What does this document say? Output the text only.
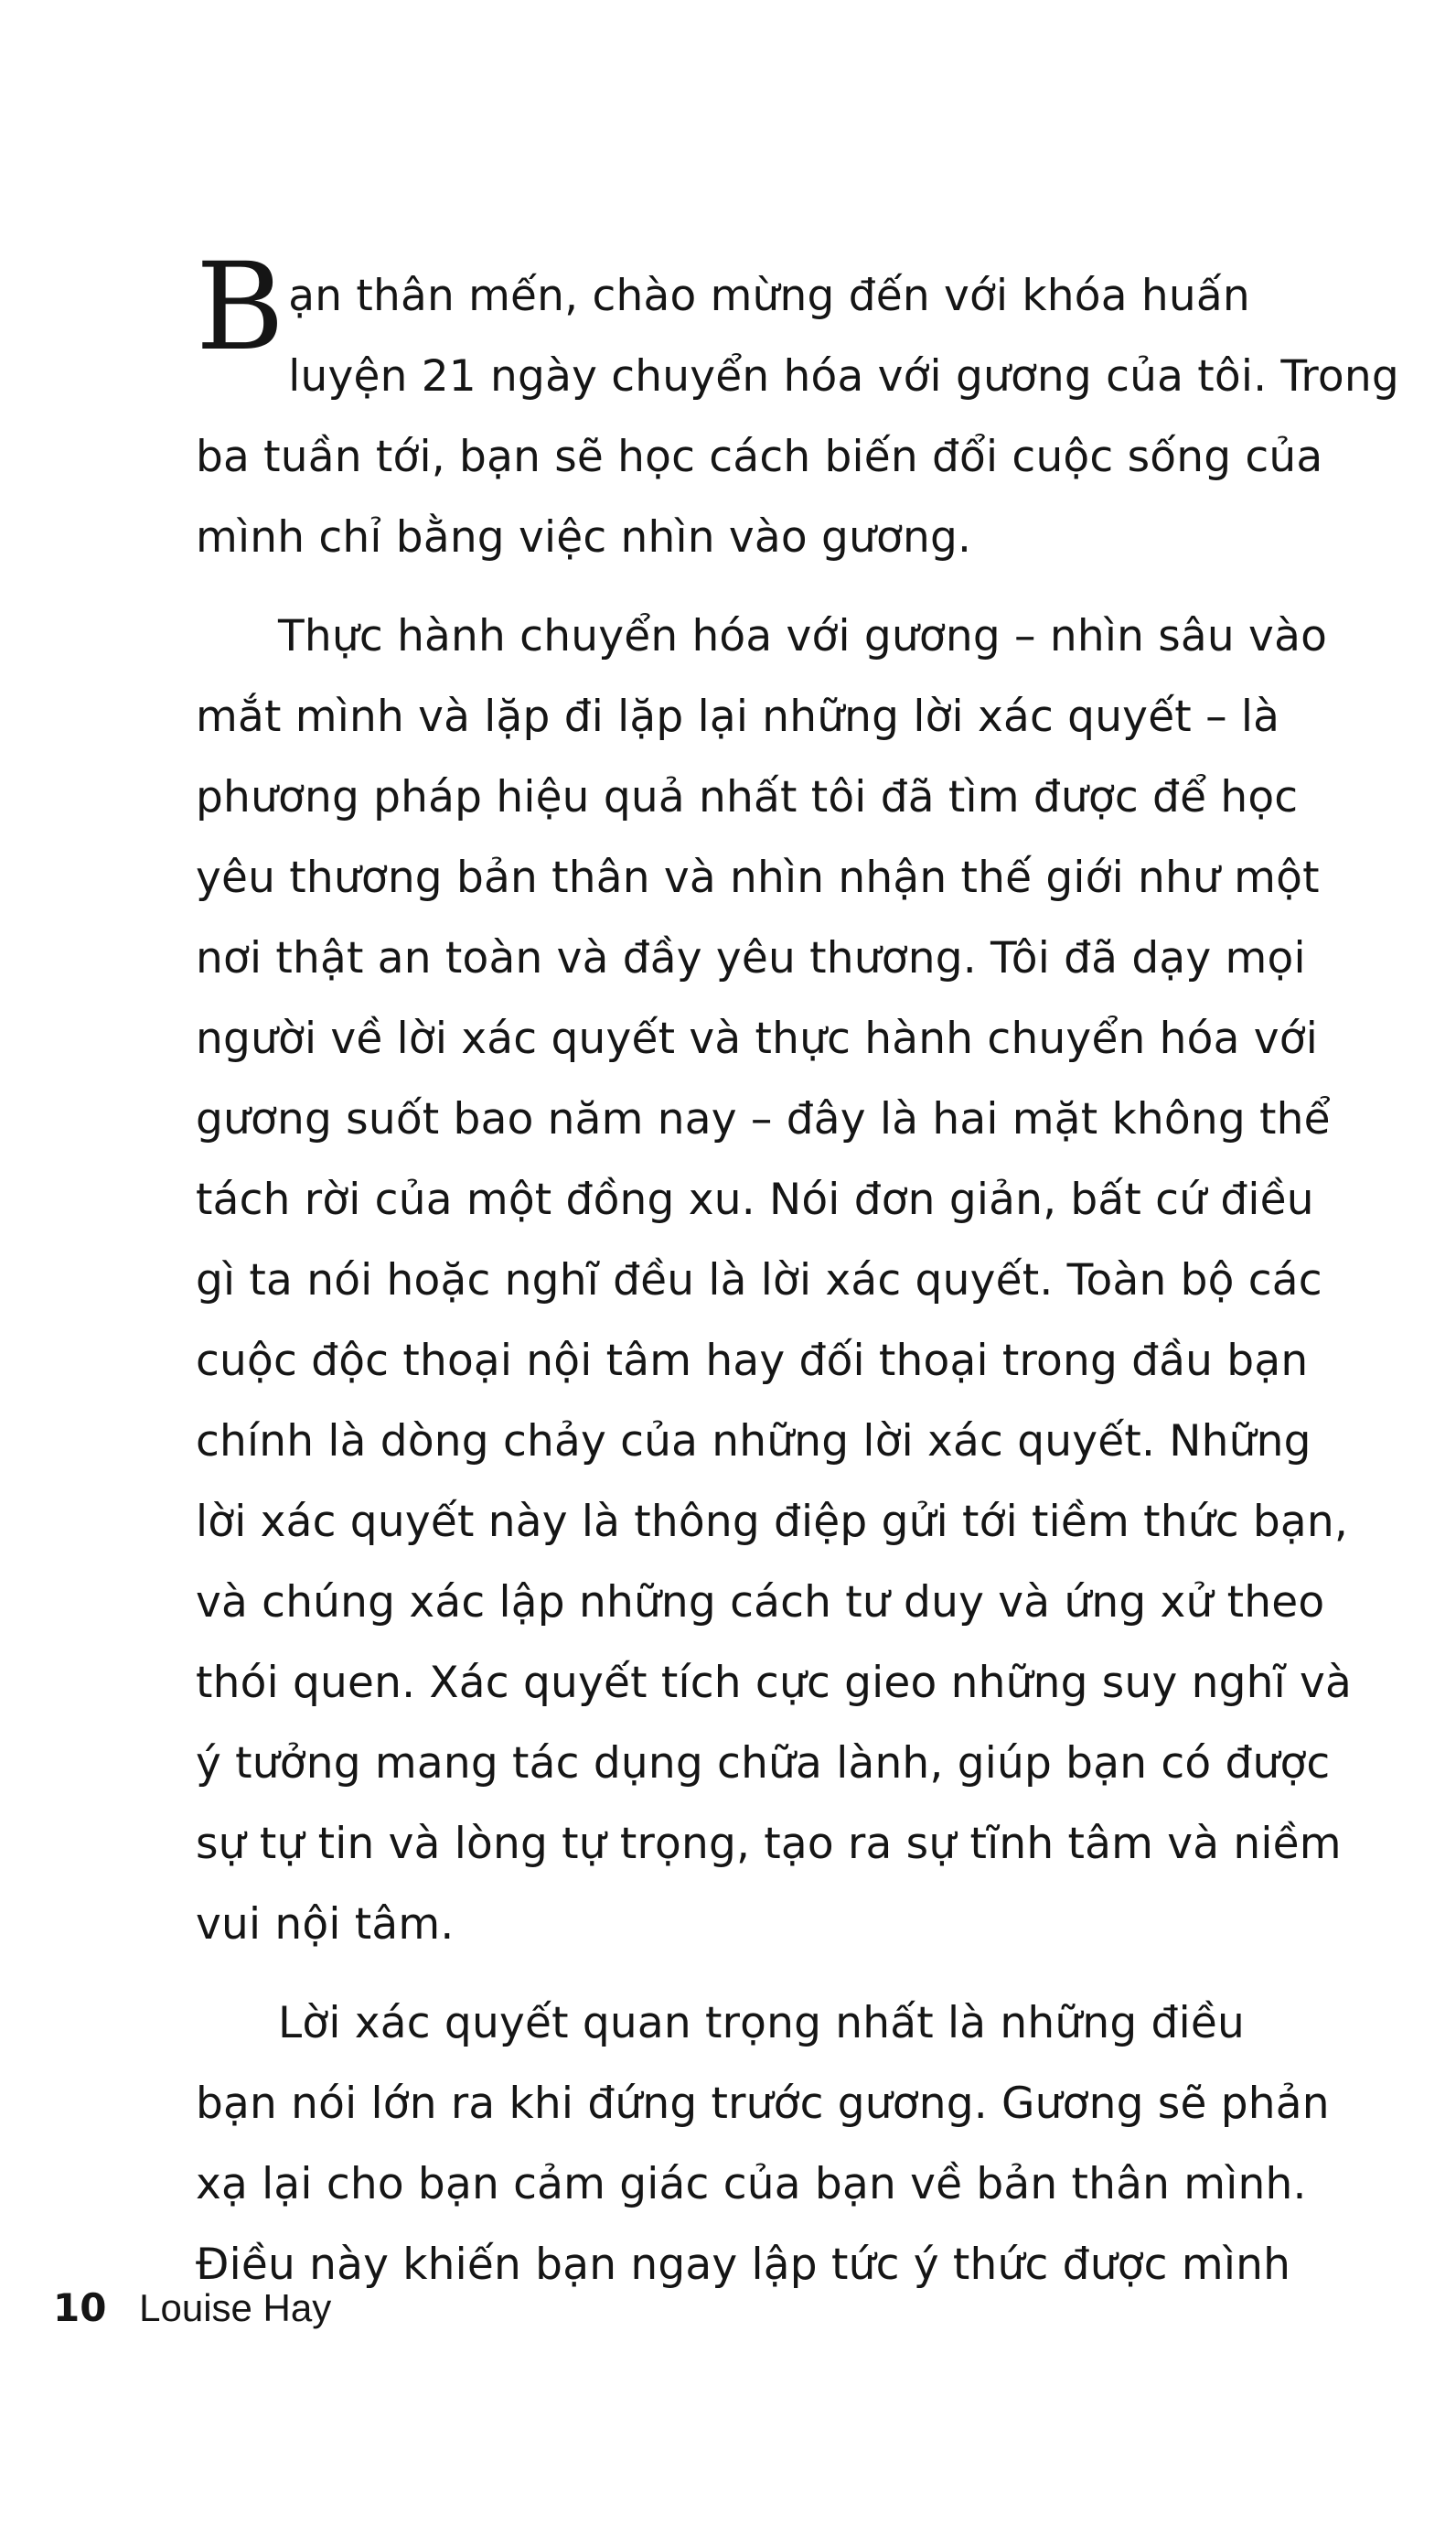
B ạn thân mến, chào mừng đến với khóa huấn
luyện 21 ngày chuyển hóa với gương của tôi. Trong
ba tuần tới, bạn sẽ học cách biến đổi cuộc sống của
mình chỉ bằng việc nhìn vào gương.

Thực hành chuyển hóa với gương – nhìn sâu vào
mắt mình và lặp đi lặp lại những lời xác quyết – là
phương pháp hiệu quả nhất tôi đã tìm được để học
yêu thương bản thân và nhìn nhận thế giới như một
nơi thật an toàn và đầy yêu thương. Tôi đã dạy mọi
người về lời xác quyết và thực hành chuyển hóa với
gương suốt bao năm nay – đây là hai mặt không thể
tách rời của một đồng xu. Nói đơn giản, bất cứ điều
gì ta nói hoặc nghĩ đều là lời xác quyết. Toàn bộ các
cuộc độc thoại nội tâm hay đối thoại trong đầu bạn
chính là dòng chảy của những lời xác quyết. Những
lời xác quyết này là thông điệp gửi tới tiềm thức bạn,
và chúng xác lập những cách tư duy và ứng xử theo
thói quen. Xác quyết tích cực gieo những suy nghĩ và
ý tưởng mang tác dụng chữa lành, giúp bạn có được
sự tự tin và lòng tự trọng, tạo ra sự tĩnh tâm và niềm
vui nội tâm.

Lời xác quyết quan trọng nhất là những điều
bạn nói lớn ra khi đứng trước gương. Gương sẽ phản
xạ lại cho bạn cảm giác của bạn về bản thân mình.
Điều này khiến bạn ngay lập tức ý thức được mình

10 Louise Hay
